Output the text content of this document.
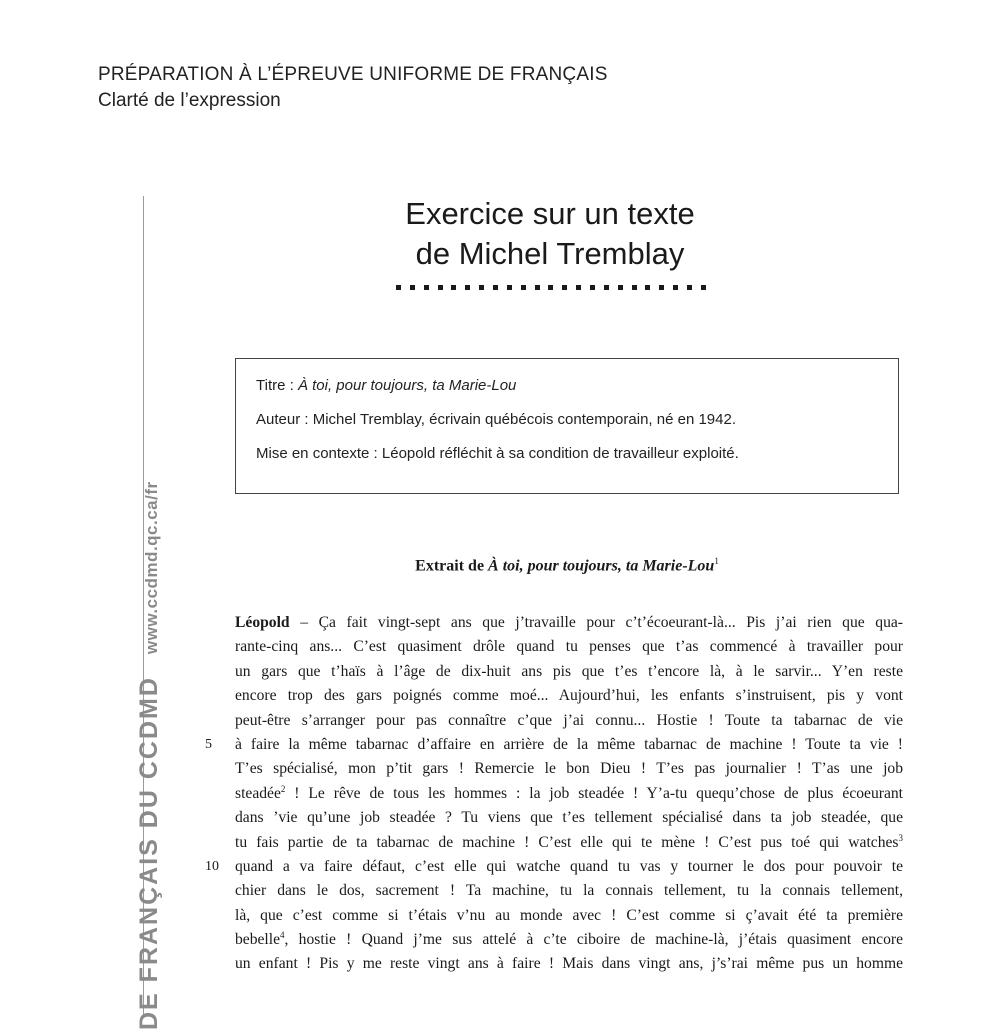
PRÉPARATION À L’ÉPREUVE UNIFORME DE FRANÇAIS
Clarté de l’expression
DE FRANÇAIS DU CCDMDwww.ccdmd.qc.ca/fr
Exercice sur un texte
de Michel Tremblay

Titre : À toi, pour toujours, ta Marie-Lou

Auteur : Michel Tremblay, écrivain québécois contemporain, né en 1942.

Mise en contexte : Léopold réfléchit à sa condition de travailleur exploité.

Extrait de À toi, pour toujours, ta Marie-Lou$^1$
Léopold – Ça fait vingt-sept ans que j’travaille pour c’t’écoeurant-là... Pis j’ai rien que qua-
rante-cinq ans... C’est quasiment drôle quand tu penses que t’as commencé à travailler pour
un gars que t’haïs à l’âge de dix-huit ans pis que t’es t’encore là, à le sarvir... Y’en reste
encore trop des gars poignés comme moé... Aujourd’hui, les enfants s’instruisent, pis y vont
peut-être s’arranger pour pas connaître c’que j’ai connu... Hostie ! Toute ta tabarnac de vie
5 à faire la même tabarnac d’affaire en arrière de la même tabarnac de machine ! Toute ta vie !
T’es spécialisé, mon p’tit gars ! Remercie le bon Dieu ! T’es pas journalier ! T’as une job
steadée$^2$ ! Le rêve de tous les hommes : la job steadée ! Y’a-tu quequ’chose de plus écoeurant
dans ’vie qu’une job steadée ? Tu viens que t’es tellement spécialisé dans ta job steadée, que
tu fais partie de ta tabarnac de machine ! C’est elle qui te mène ! C’est pus toé qui watches$^3$
10 quand a va faire défaut, c’est elle qui watche quand tu vas y tourner le dos pour pouvoir te
chier dans le dos, sacrement ! Ta machine, tu la connais tellement, tu la connais tellement,
là, que c’est comme si t’étais v’nu au monde avec ! C’est comme si ç’avait été ta première
bebelle$^4$, hostie ! Quand j’me sus attelé à c’te ciboire de machine-là, j’étais quasiment encore
un enfant ! Pis y me reste vingt ans à faire ! Mais dans vingt ans, j’s’rai même pus un homme
